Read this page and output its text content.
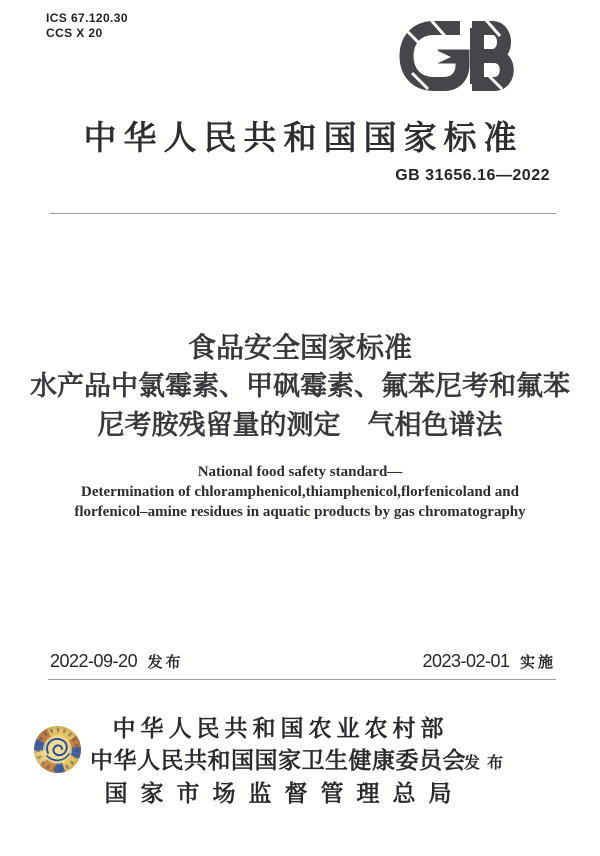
ICS 67.120.30
CCS X 20
中华人民共和国国家标准
GB 31656.16—2022
食品安全国家标准
水产品中氯霉素、甲砜霉素、氟苯尼考和氟苯
尼考胺残留量的测定　气相色谱法
National food safety standard—
Determination of chloramphenicol,thiamphenicol,florfenicoland and
florfenicol–amine residues in aquatic products by gas chromatography
2022-09-20 发布	2023-02-01 实施
中华人民共和国农业农村部
中华人民共和国国家卫生健康委员会
国家市场监督管理总局
发布
